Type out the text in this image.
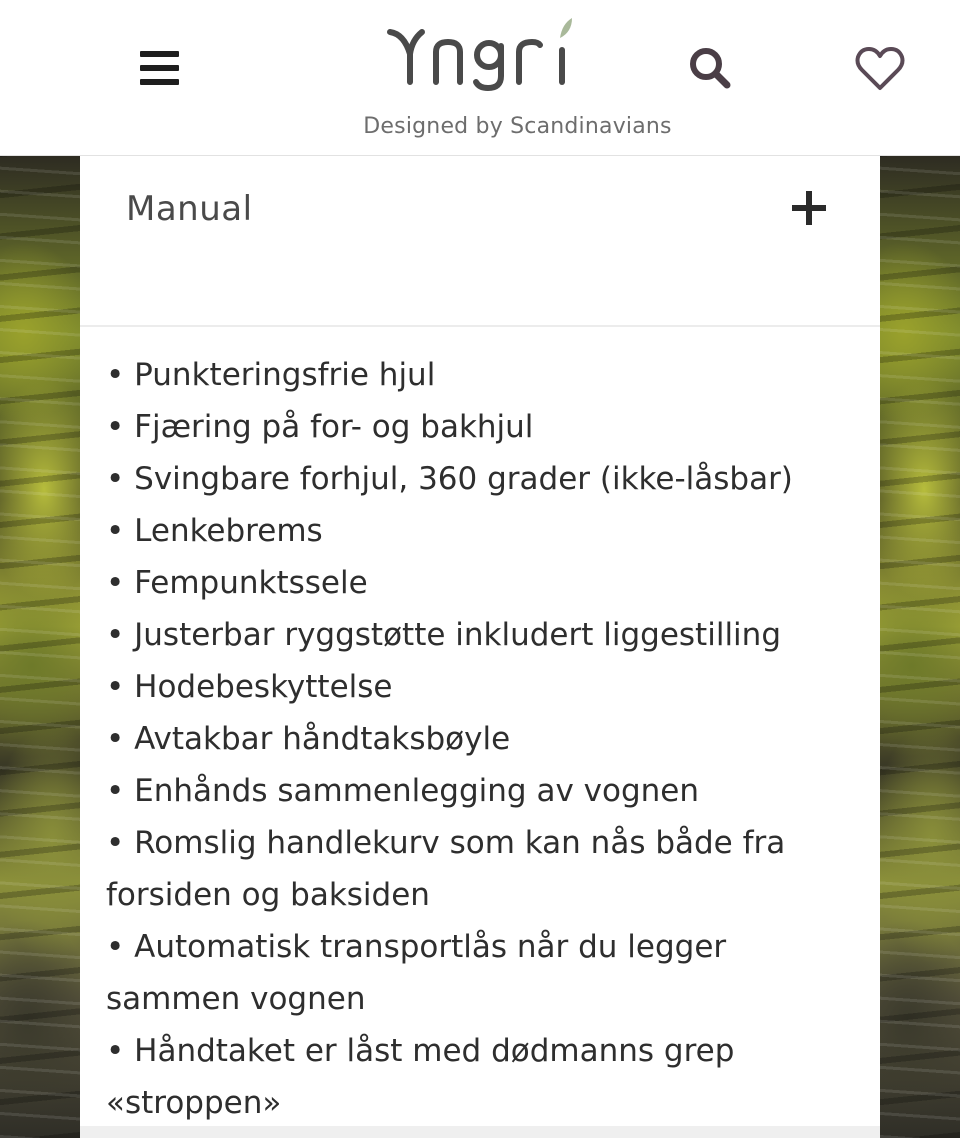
Designed by Scandinavians
Manual
• Punkteringsfrie hjul
• Fjæring på for- og bakhjul
• Svingbare forhjul, 360 grader (ikke-låsbar)
• Lenkebrems
• Fempunktssele
• Justerbar ryggstøtte inkludert liggestilling
• Hodebeskyttelse
• Avtakbar håndtaksbøyle
• Enhånds sammenlegging av vognen
• Romslig handlekurv som kan nås både fra forsiden og baksiden
• Automatisk transportlås når du legger sammen vognen
• Håndtaket er låst med dødmanns grep «stroppen»
